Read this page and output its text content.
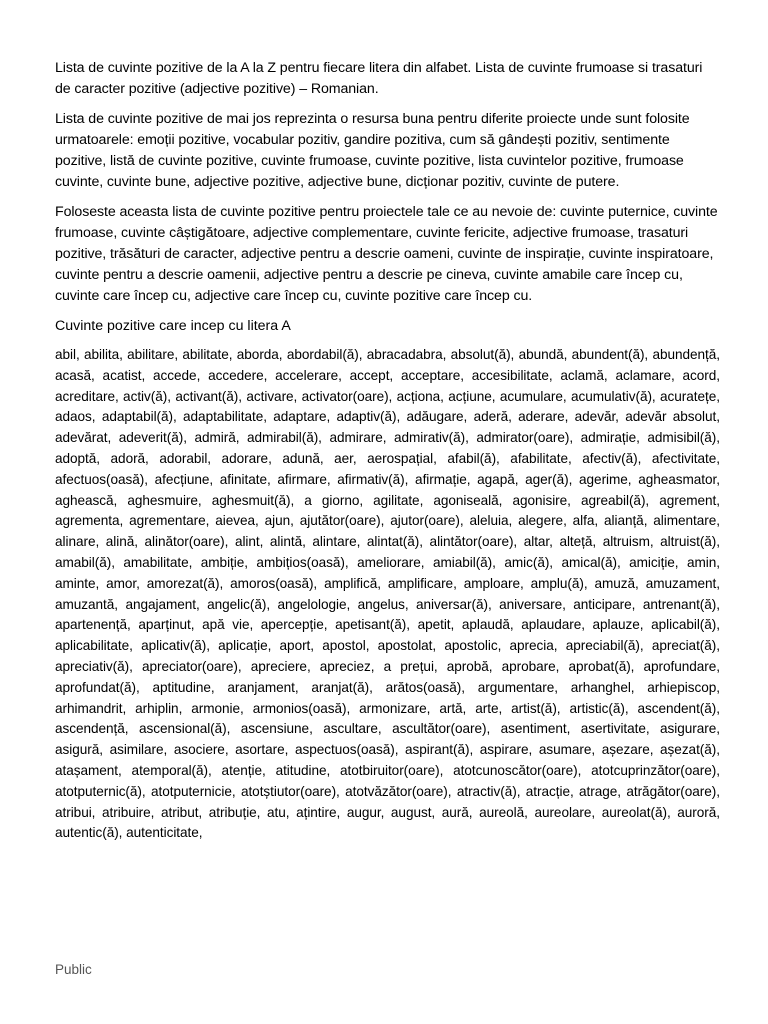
Lista de cuvinte pozitive de la A la Z pentru fiecare litera din alfabet. Lista de cuvinte frumoase si trasaturi de caracter pozitive (adjective pozitive) – Romanian.

Lista de cuvinte pozitive de mai jos reprezinta o resursa buna pentru diferite proiecte unde sunt folosite urmatoarele: emoții pozitive, vocabular pozitiv, gandire pozitiva, cum să gândești pozitiv, sentimente pozitive, listă de cuvinte pozitive, cuvinte frumoase, cuvinte pozitive, lista cuvintelor pozitive, frumoase cuvinte, cuvinte bune, adjective pozitive, adjective bune, dicționar pozitiv, cuvinte de putere.

Foloseste aceasta lista de cuvinte pozitive pentru proiectele tale ce au nevoie de: cuvinte puternice, cuvinte frumoase, cuvinte câștigătoare, adjective complementare, cuvinte fericite, adjective frumoase, trasaturi pozitive, trăsături de caracter, adjective pentru a descrie oameni, cuvinte de inspirație, cuvinte inspiratoare, cuvinte pentru a descrie oamenii, adjective pentru a descrie pe cineva, cuvinte amabile care încep cu, cuvinte care încep cu, adjective care încep cu, cuvinte pozitive care încep cu.

Cuvinte pozitive care incep cu litera A

abil, abilita, abilitare, abilitate, aborda, abordabil(ă), abracadabra, absolut(ă), abundă, abundent(ă), abundență, acasă, acatist, accede, accedere, accelerare, accept, acceptare, accesibilitate, aclamă, aclamare, acord, acreditare, activ(ă), activant(ă), activare, activator(oare), acționa, acțiune, acumulare, acumulativ(ă), acuratețe, adaos, adaptabil(ă), adaptabilitate, adaptare, adaptiv(ă), adăugare, aderă, aderare, adevăr, adevăr absolut, adevărat, adeverit(ă), admiră, admirabil(ă), admirare, admirativ(ă), admirator(oare), admirație, admisibil(ă), adoptă, adoră, adorabil, adorare, adună, aer, aerospațial, afabil(ă), afabilitate, afectiv(ă), afectivitate, afectuos(oasă), afecțiune, afinitate, afirmare, afirmativ(ă), afirmație, agapă, ager(ă), agerime, agheasmator, aghească, aghesmuire, aghesmuit(ă), a giorno, agilitate, agoniseală, agonisire, agreabil(ă), agrement, agrementa, agrementare, aievea, ajun, ajutător(oare), ajutor(oare), aleluia, alegere, alfa, alianță, alimentare, alinare, alină, alinător(oare), alint, alintă, alintare, alintat(ă), alintător(oare), altar, alteță, altruism, altruist(ă), amabil(ă), amabilitate, ambiție, ambițios(oasă), ameliorare, amiabil(ă), amic(ă), amical(ă), amiciție, amin, aminte, amor, amorezat(ă), amoros(oasă), amplifică, amplificare, amploare, amplu(ă), amuză, amuzament, amuzantă, angajament, angelic(ă), angelologie, angelus, aniversar(ă), aniversare, anticipare, antrenant(ă), apartenență, aparținut, apă vie, apercepție, apetisant(ă), apetit, aplaudă, aplaudare, aplauze, aplicabil(ă), aplicabilitate, aplicativ(ă), aplicație, aport, apostol, apostolat, apostolic, aprecia, apreciabil(ă), apreciat(ă), apreciativ(ă), apreciator(oare), apreciere, apreciez, a prețui, aprobă, aprobare, aprobat(ă), aprofundare, aprofundat(ă), aptitudine, aranjament, aranjat(ă), arătos(oasă), argumentare, arhanghel, arhiepiscop, arhimandrit, arhiplin, armonie, armonios(oasă), armonizare, artă, arte, artist(ă), artistic(ă), ascendent(ă), ascendență, ascensional(ă), ascensiune, ascultare, ascultător(oare), asentiment, asertivitate, asigurare, asigură, asimilare, asociere, asortare, aspectuos(oasă), aspirant(ă), aspirare, asumare, așezare, așezat(ă), atașament, atemporal(ă), atenție, atitudine, atotbiruitor(oare), atotcunoscător(oare), atotcuprinzător(oare), atotputernic(ă), atotputernicie, atotștiutor(oare), atotvăzător(oare), atractiv(ă), atracție, atrage, atrăgător(oare), atribui, atribuire, atribut, atribuție, atu, ațintire, augur, august, aură, aureolă, aureolare, aureolat(ă), auroră, autentic(ă), autenticitate,

Public
